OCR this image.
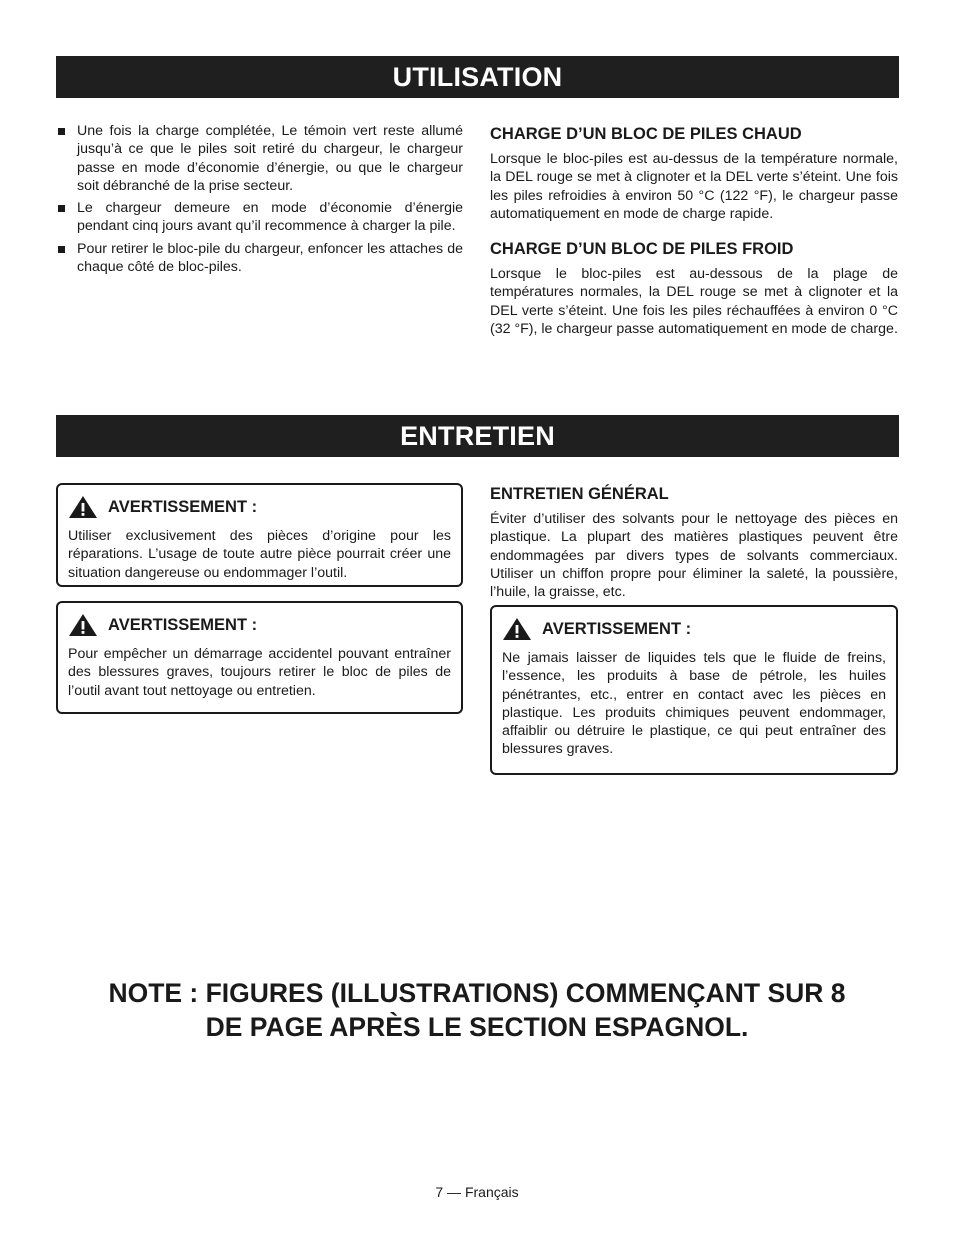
UTILISATION
Une fois la charge complétée, Le témoin vert reste allumé jusqu’à ce que le piles soit retiré du chargeur, le chargeur passe en mode d’économie d’énergie, ou que le chargeur soit débranché de la prise secteur.
Le chargeur demeure en mode d’économie d’énergie pendant cinq jours avant qu’il recommence à charger la pile.
Pour retirer le bloc-pile du chargeur, enfoncer les attaches de chaque côté de bloc-piles.

CHARGE D’UN BLOC DE PILES CHAUD

Lorsque le bloc-piles est au-dessus de la température normale, la DEL rouge se met à clignoter et la DEL verte s’éteint. Une fois les piles refroidies à environ 50 °C (122 °F), le chargeur passe automatiquement en mode de charge rapide.

CHARGE D’UN BLOC DE PILES FROID

Lorsque le bloc-piles est au-dessous de la plage de températures normales, la DEL rouge se met à clignoter et la DEL verte s’éteint. Une fois les piles réchauffées à environ 0 °C (32 °F), le chargeur passe automatiquement en mode de charge.

ENTRETIEN
AVERTISSEMENT :

Utiliser exclusivement des pièces d’origine pour les réparations. L’usage de toute autre pièce pourrait créer une situation dangereuse ou endommager l’outil.

AVERTISSEMENT :

Pour empêcher un démarrage accidentel pouvant entraîner des blessures graves, toujours retirer le bloc de piles de l’outil avant tout nettoyage ou entretien.

ENTRETIEN GÉNÉRAL

Éviter d’utiliser des solvants pour le nettoyage des pièces en plastique. La plupart des matières plastiques peuvent être endommagées par divers types de solvants commerciaux. Utiliser un chiffon propre pour éliminer la saleté, la poussière, l’huile, la graisse, etc.

AVERTISSEMENT :

Ne jamais laisser de liquides tels que le fluide de freins, l’essence, les produits à base de pétrole, les huiles pénétrantes, etc., entrer en contact avec les pièces en plastique. Les produits chimiques peuvent endommager, affaiblir ou détruire le plastique, ce qui peut entraîner des blessures graves.

NOTE : FIGURES (ILLUSTRATIONS) COMMENÇANT SUR 8
DE PAGE APRÈS LE SECTION ESPAGNOL.
7 — Français
